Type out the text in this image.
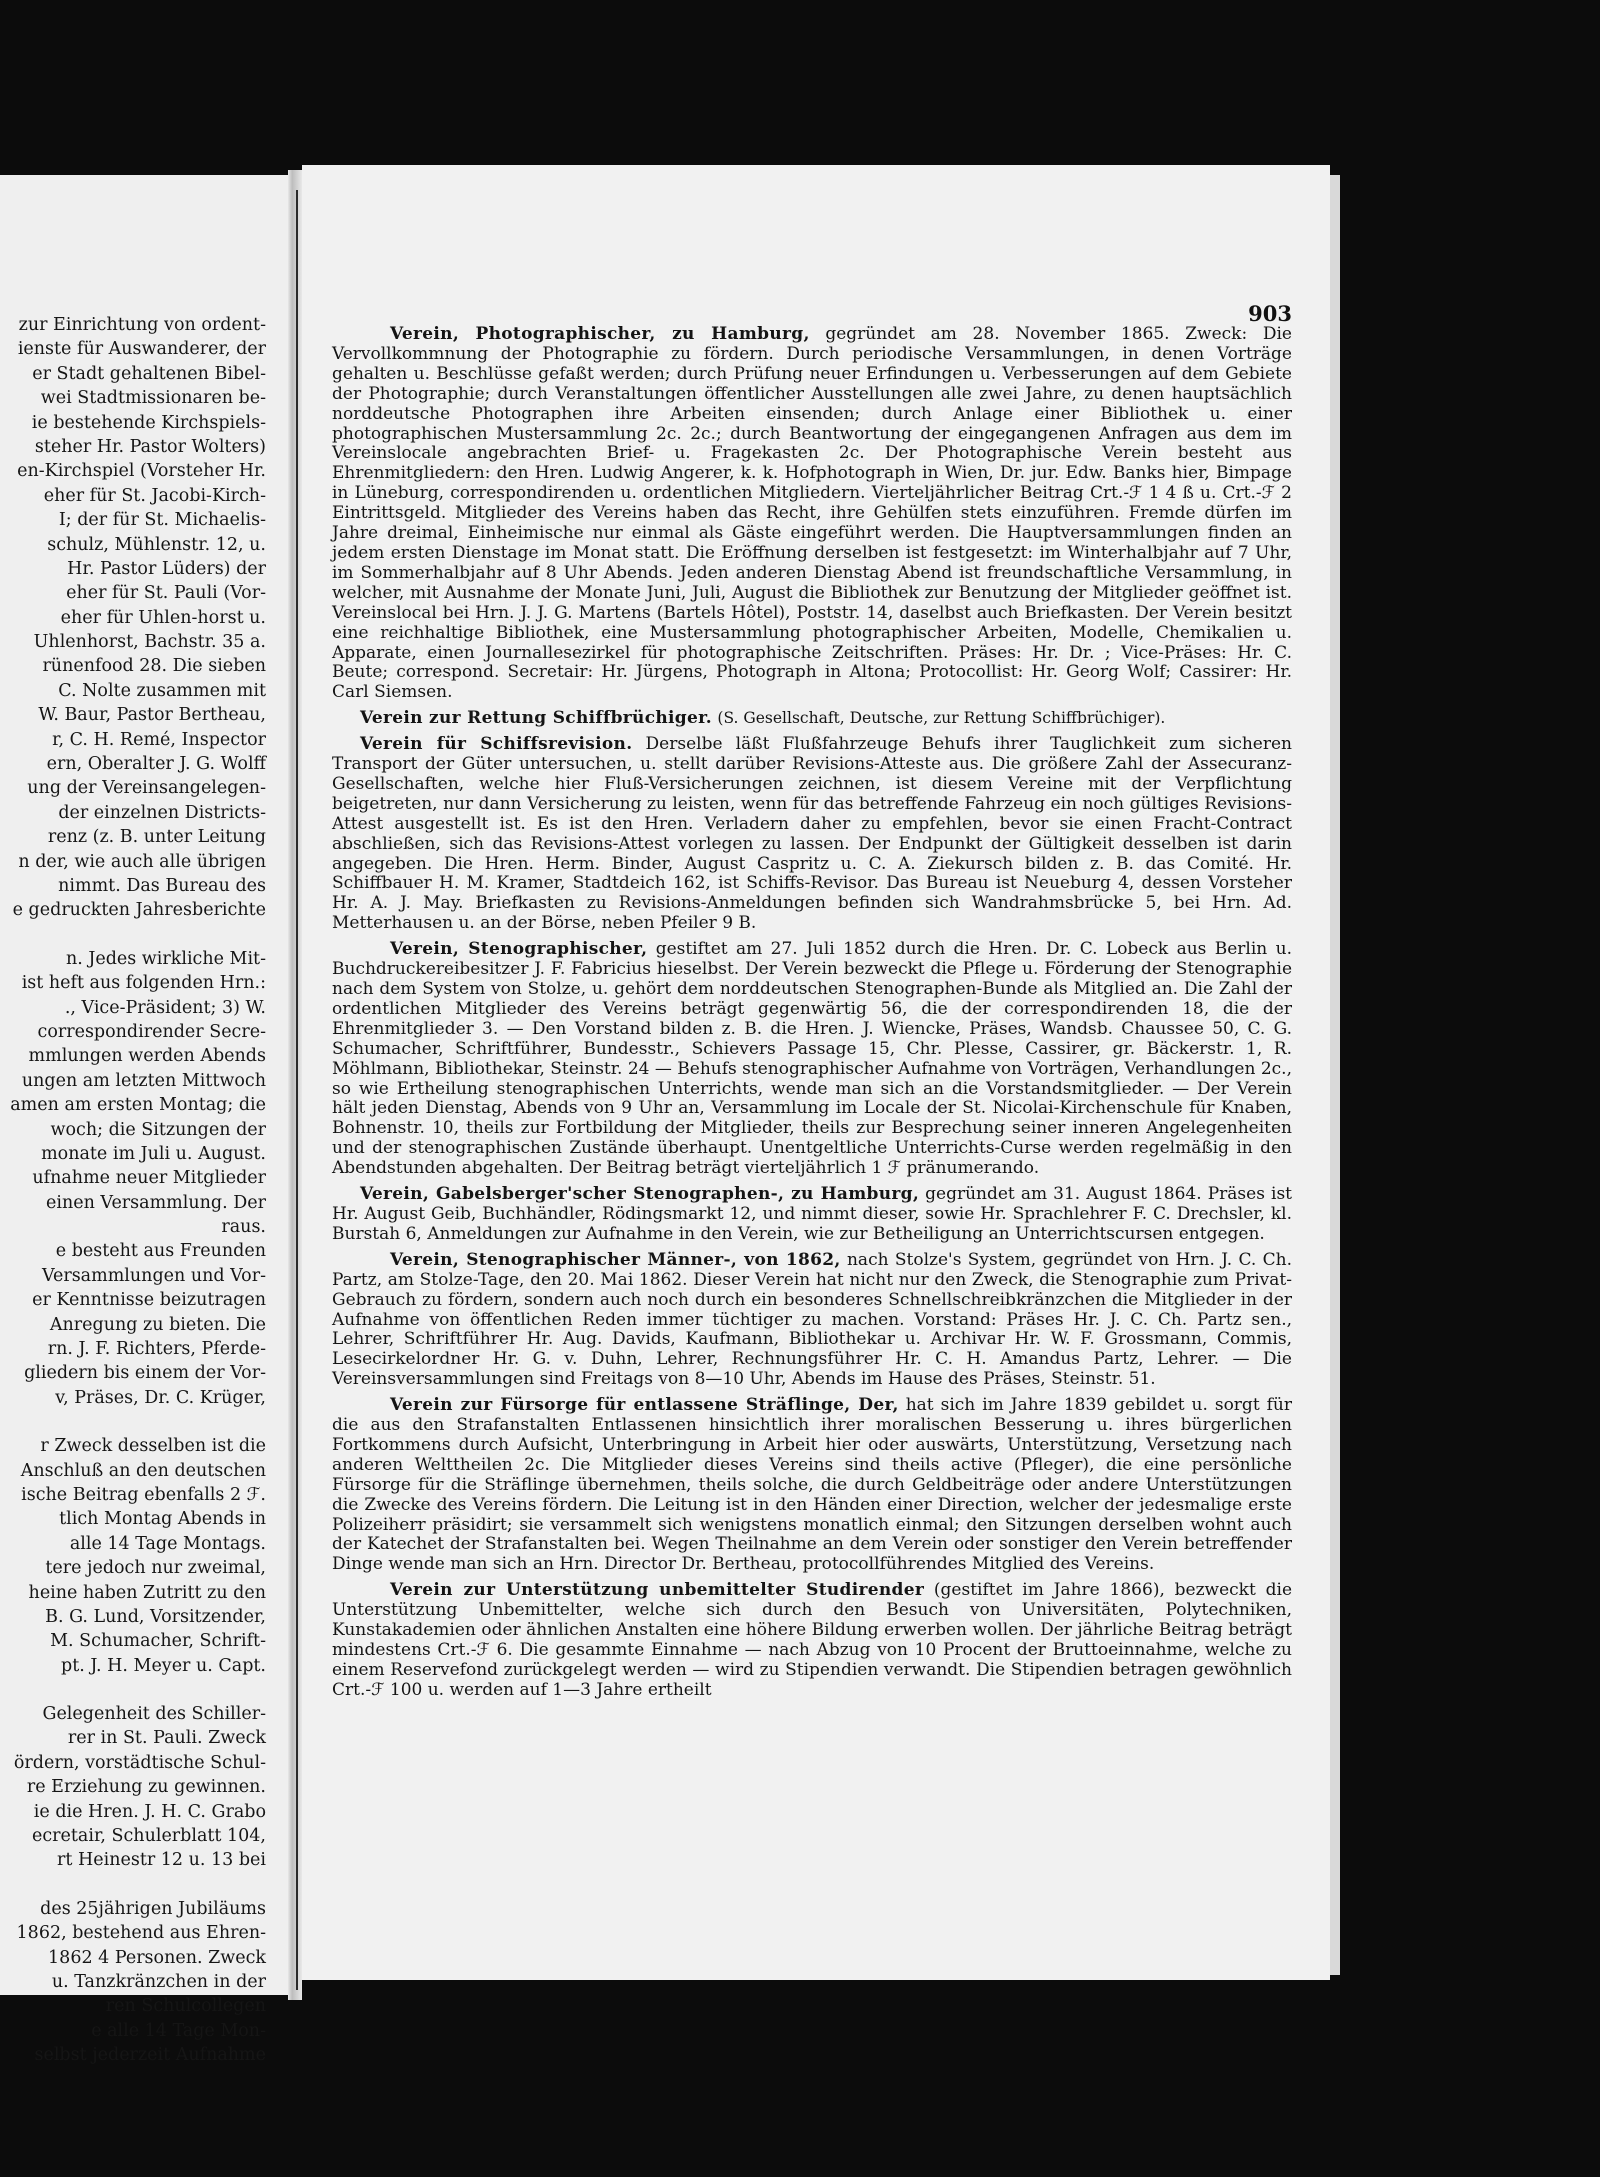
zur Einrichtung von ordent-
ienste für Auswanderer, der
er Stadt gehaltenen Bibel-
wei Stadtmissionaren be-
ie bestehende Kirchspiels-
steher Hr. Pastor Wolters)
en-Kirchspiel (Vorsteher Hr.
eher für St. Jacobi-Kirch-
I; der für St. Michaelis-
schulz, Mühlenstr. 12, u.
Hr. Pastor Lüders) der
eher für St. Pauli (Vor-
eher für Uhlen-horst u.
Uhlenhorst, Bachstr. 35 a.
rünenfood 28. Die sieben
C. Nolte zusammen mit
W. Baur, Pastor Bertheau,
r, C. H. Remé, Inspector
ern, Oberalter J. G. Wolff
ung der Vereinsangelegen-
der einzelnen Districts-
renz (z. B. unter Leitung
n der, wie auch alle übrigen
nimmt. Das Bureau des
e gedruckten Jahresberichte
n. Jedes wirkliche Mit-
ist heft aus folgenden Hrn.:
., Vice-Präsident; 3) W.
correspondirender Secre-
mmlungen werden Abends
ungen am letzten Mittwoch
amen am ersten Montag; die
woch; die Sitzungen der
monate im Juli u. August.
ufnahme neuer Mitglieder
einen Versammlung. Der
raus.
e besteht aus Freunden
Versammlungen und Vor-
er Kenntnisse beizutragen
Anregung zu bieten. Die
rn. J. F. Richters, Pferde-
gliedern bis einem der Vor-
v, Präses, Dr. C. Krüger,
r Zweck desselben ist die
Anschluß an den deutschen
ische Beitrag ebenfalls 2 ℱ.
tlich Montag Abends in
alle 14 Tage Montags.
tere jedoch nur zweimal,
heine haben Zutritt zu den
B. G. Lund, Vorsitzender,
M. Schumacher, Schrift-
pt. J. H. Meyer u. Capt.
Gelegenheit des Schiller-
rer in St. Pauli. Zweck
ördern, vorstädtische Schul-
re Erziehung zu gewinnen.
ie die Hren. J. H. C. Grabo
ecretair, Schulerblatt 104,
rt Heinestr 12 u. 13 bei
des 25jährigen Jubiläums
1862, bestehend aus Ehren-
1862 4 Personen. Zweck
u. Tanzkränzchen in der
ren Schulcollegen
e alle 14 Tage Mon-
selbst jederzeit Aufnahme
903

Verein, Photographischer, zu Hamburg, gegründet am 28. November 1865. Zweck: Die Vervollkommnung der Photographie zu fördern. Durch periodische Versammlungen, in denen Vorträge gehalten u. Beschlüsse gefaßt werden; durch Prüfung neuer Erfindungen u. Verbesserungen auf dem Gebiete der Photographie; durch Veranstaltungen öffentlicher Ausstellungen alle zwei Jahre, zu denen hauptsächlich norddeutsche Photographen ihre Arbeiten einsenden; durch Anlage einer Bibliothek u. einer photographischen Mustersammlung 2c. 2c.; durch Beantwortung der eingegangenen Anfragen aus dem im Vereinslocale angebrachten Brief- u. Fragekasten 2c. Der Photographische Verein besteht aus Ehrenmitgliedern: den Hren. Ludwig Angerer, k. k. Hofphotograph in Wien, Dr. jur. Edw. Banks hier, Bimpage in Lüneburg, correspondirenden u. ordentlichen Mitgliedern. Vierteljährlicher Beitrag Crt.-ℱ 1 4 ß u. Crt.-ℱ 2 Eintrittsgeld. Mitglieder des Vereins haben das Recht, ihre Gehülfen stets einzuführen. Fremde dürfen im Jahre dreimal, Einheimische nur einmal als Gäste eingeführt werden. Die Hauptversammlungen finden an jedem ersten Dienstage im Monat statt. Die Eröffnung derselben ist festgesetzt: im Winterhalbjahr auf 7 Uhr, im Sommerhalbjahr auf 8 Uhr Abends. Jeden anderen Dienstag Abend ist freundschaftliche Versammlung, in welcher, mit Ausnahme der Monate Juni, Juli, August die Bibliothek zur Benutzung der Mitglieder geöffnet ist. Vereinslocal bei Hrn. J. J. G. Martens (Bartels Hôtel), Poststr. 14, daselbst auch Briefkasten. Der Verein besitzt eine reichhaltige Bibliothek, eine Mustersammlung photographischer Arbeiten, Modelle, Chemikalien u. Apparate, einen Journallesezirkel für photographische Zeitschriften. Präses: Hr. Dr. ; Vice-Präses: Hr. C. Beute; correspond. Secretair: Hr. Jürgens, Photograph in Altona; Protocollist: Hr. Georg Wolf; Cassirer: Hr. Carl Siemsen.

Verein zur Rettung Schiffbrüchiger. (S. Gesellschaft, Deutsche, zur Rettung Schiffbrüchiger).

Verein für Schiffsrevision. Derselbe läßt Flußfahrzeuge Behufs ihrer Tauglichkeit zum sicheren Transport der Güter untersuchen, u. stellt darüber Revisions-Atteste aus. Die größere Zahl der Assecuranz-Gesellschaften, welche hier Fluß-Versicherungen zeichnen, ist diesem Vereine mit der Verpflichtung beigetreten, nur dann Versicherung zu leisten, wenn für das betreffende Fahrzeug ein noch gültiges Revisions-Attest ausgestellt ist. Es ist den Hren. Verladern daher zu empfehlen, bevor sie einen Fracht-Contract abschließen, sich das Revisions-Attest vorlegen zu lassen. Der Endpunkt der Gültigkeit desselben ist darin angegeben. Die Hren. Herm. Binder, August Caspritz u. C. A. Ziekursch bilden z. B. das Comité. Hr. Schiffbauer H. M. Kramer, Stadtdeich 162, ist Schiffs-Revisor. Das Bureau ist Neueburg 4, dessen Vorsteher Hr. A. J. May. Briefkasten zu Revisions-Anmeldungen befinden sich Wandrahmsbrücke 5, bei Hrn. Ad. Metterhausen u. an der Börse, neben Pfeiler 9 B.

Verein, Stenographischer, gestiftet am 27. Juli 1852 durch die Hren. Dr. C. Lobeck aus Berlin u. Buchdruckereibesitzer J. F. Fabricius hieselbst. Der Verein bezweckt die Pflege u. Förderung der Stenographie nach dem System von Stolze, u. gehört dem norddeutschen Stenographen-Bunde als Mitglied an. Die Zahl der ordentlichen Mitglieder des Vereins beträgt gegenwärtig 56, die der correspondirenden 18, die der Ehrenmitglieder 3. — Den Vorstand bilden z. B. die Hren. J. Wiencke, Präses, Wandsb. Chaussee 50, C. G. Schumacher, Schriftführer, Bundesstr., Schievers Passage 15, Chr. Plesse, Cassirer, gr. Bäckerstr. 1, R. Möhlmann, Bibliothekar, Steinstr. 24 — Behufs stenographischer Aufnahme von Vorträgen, Verhandlungen 2c., so wie Ertheilung stenographischen Unterrichts, wende man sich an die Vorstandsmitglieder. — Der Verein hält jeden Dienstag, Abends von 9 Uhr an, Versammlung im Locale der St. Nicolai-Kirchenschule für Knaben, Bohnenstr. 10, theils zur Fortbildung der Mitglieder, theils zur Besprechung seiner inneren Angelegenheiten und der stenographischen Zustände überhaupt. Unentgeltliche Unterrichts-Curse werden regelmäßig in den Abendstunden abgehalten. Der Beitrag beträgt vierteljährlich 1 ℱ pränumerando.

Verein, Gabelsberger'scher Stenographen-, zu Hamburg, gegründet am 31. August 1864. Präses ist Hr. August Geib, Buchhändler, Rödingsmarkt 12, und nimmt dieser, sowie Hr. Sprachlehrer F. C. Drechsler, kl. Burstah 6, Anmeldungen zur Aufnahme in den Verein, wie zur Betheiligung an Unterrichtscursen entgegen.

Verein, Stenographischer Männer-, von 1862, nach Stolze's System, gegründet von Hrn. J. C. Ch. Partz, am Stolze-Tage, den 20. Mai 1862. Dieser Verein hat nicht nur den Zweck, die Stenographie zum Privat-Gebrauch zu fördern, sondern auch noch durch ein besonderes Schnellschreibkränzchen die Mitglieder in der Aufnahme von öffentlichen Reden immer tüchtiger zu machen. Vorstand: Präses Hr. J. C. Ch. Partz sen., Lehrer, Schriftführer Hr. Aug. Davids, Kaufmann, Bibliothekar u. Archivar Hr. W. F. Grossmann, Commis, Lesecirkelordner Hr. G. v. Duhn, Lehrer, Rechnungsführer Hr. C. H. Amandus Partz, Lehrer. — Die Vereinsversammlungen sind Freitags von 8—10 Uhr, Abends im Hause des Präses, Steinstr. 51.

Verein zur Fürsorge für entlassene Sträflinge, Der, hat sich im Jahre 1839 gebildet u. sorgt für die aus den Strafanstalten Entlassenen hinsichtlich ihrer moralischen Besserung u. ihres bürgerlichen Fortkommens durch Aufsicht, Unterbringung in Arbeit hier oder auswärts, Unterstützung, Versetzung nach anderen Welttheilen 2c. Die Mitglieder dieses Vereins sind theils active (Pfleger), die eine persönliche Fürsorge für die Sträflinge übernehmen, theils solche, die durch Geldbeiträge oder andere Unterstützungen die Zwecke des Vereins fördern. Die Leitung ist in den Händen einer Direction, welcher der jedesmalige erste Polizeiherr präsidirt; sie versammelt sich wenigstens monatlich einmal; den Sitzungen derselben wohnt auch der Katechet der Strafanstalten bei. Wegen Theilnahme an dem Verein oder sonstiger den Verein betreffender Dinge wende man sich an Hrn. Director Dr. Bertheau, protocollführendes Mitglied des Vereins.

Verein zur Unterstützung unbemittelter Studirender (gestiftet im Jahre 1866), bezweckt die Unterstützung Unbemittelter, welche sich durch den Besuch von Universitäten, Polytechniken, Kunstakademien oder ähnlichen Anstalten eine höhere Bildung erwerben wollen. Der jährliche Beitrag beträgt mindestens Crt.-ℱ 6. Die gesammte Einnahme — nach Abzug von 10 Procent der Bruttoeinnahme, welche zu einem Reservefond zurückgelegt werden — wird zu Stipendien verwandt. Die Stipendien betragen gewöhnlich Crt.-ℱ 100 u. werden auf 1—3 Jahre ertheilt
